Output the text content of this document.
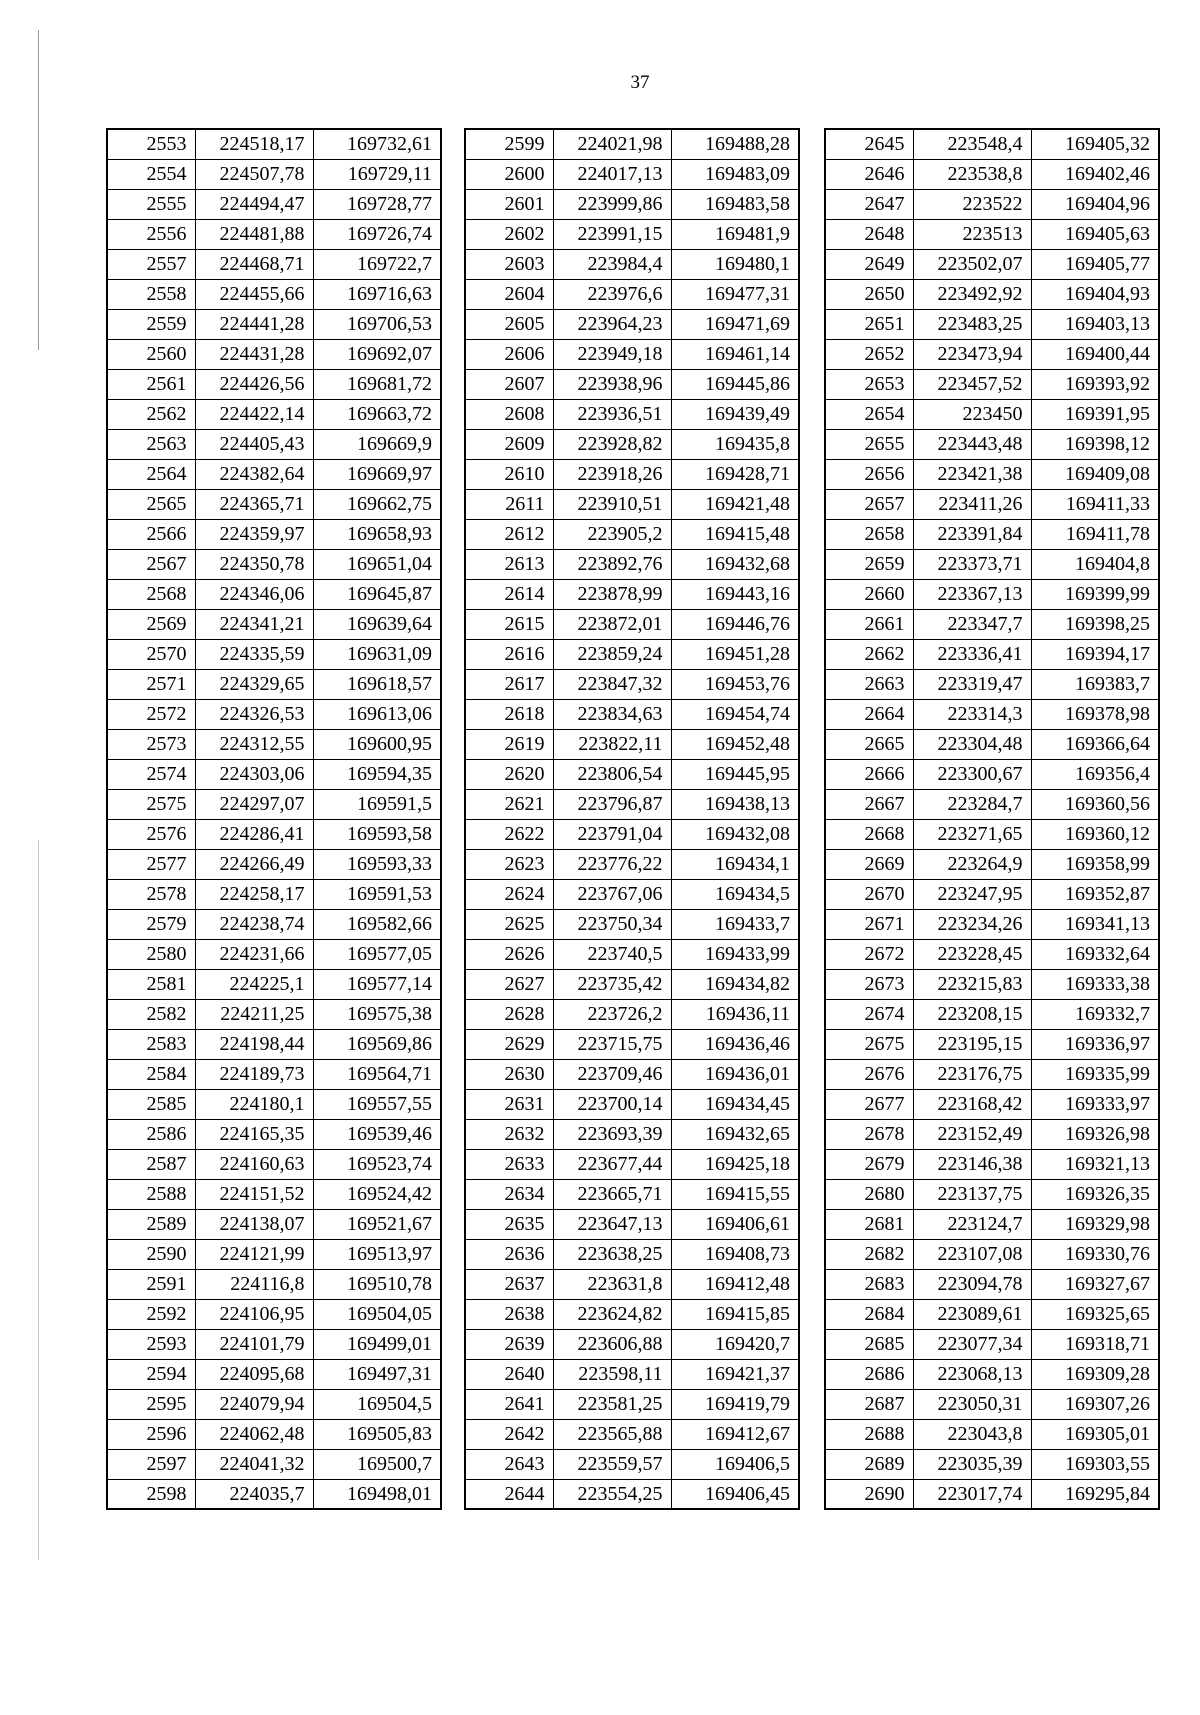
37
2553	224518,17	169732,61
2554	224507,78	169729,11
2555	224494,47	169728,77
2556	224481,88	169726,74
2557	224468,71	169722,7
2558	224455,66	169716,63
2559	224441,28	169706,53
2560	224431,28	169692,07
2561	224426,56	169681,72
2562	224422,14	169663,72
2563	224405,43	169669,9
2564	224382,64	169669,97
2565	224365,71	169662,75
2566	224359,97	169658,93
2567	224350,78	169651,04
2568	224346,06	169645,87
2569	224341,21	169639,64
2570	224335,59	169631,09
2571	224329,65	169618,57
2572	224326,53	169613,06
2573	224312,55	169600,95
2574	224303,06	169594,35
2575	224297,07	169591,5
2576	224286,41	169593,58
2577	224266,49	169593,33
2578	224258,17	169591,53
2579	224238,74	169582,66
2580	224231,66	169577,05
2581	224225,1	169577,14
2582	224211,25	169575,38
2583	224198,44	169569,86
2584	224189,73	169564,71
2585	224180,1	169557,55
2586	224165,35	169539,46
2587	224160,63	169523,74
2588	224151,52	169524,42
2589	224138,07	169521,67
2590	224121,99	169513,97
2591	224116,8	169510,78
2592	224106,95	169504,05
2593	224101,79	169499,01
2594	224095,68	169497,31
2595	224079,94	169504,5
2596	224062,48	169505,83
2597	224041,32	169500,7
2598	224035,7	169498,01
2599	224021,98	169488,28
2600	224017,13	169483,09
2601	223999,86	169483,58
2602	223991,15	169481,9
2603	223984,4	169480,1
2604	223976,6	169477,31
2605	223964,23	169471,69
2606	223949,18	169461,14
2607	223938,96	169445,86
2608	223936,51	169439,49
2609	223928,82	169435,8
2610	223918,26	169428,71
2611	223910,51	169421,48
2612	223905,2	169415,48
2613	223892,76	169432,68
2614	223878,99	169443,16
2615	223872,01	169446,76
2616	223859,24	169451,28
2617	223847,32	169453,76
2618	223834,63	169454,74
2619	223822,11	169452,48
2620	223806,54	169445,95
2621	223796,87	169438,13
2622	223791,04	169432,08
2623	223776,22	169434,1
2624	223767,06	169434,5
2625	223750,34	169433,7
2626	223740,5	169433,99
2627	223735,42	169434,82
2628	223726,2	169436,11
2629	223715,75	169436,46
2630	223709,46	169436,01
2631	223700,14	169434,45
2632	223693,39	169432,65
2633	223677,44	169425,18
2634	223665,71	169415,55
2635	223647,13	169406,61
2636	223638,25	169408,73
2637	223631,8	169412,48
2638	223624,82	169415,85
2639	223606,88	169420,7
2640	223598,11	169421,37
2641	223581,25	169419,79
2642	223565,88	169412,67
2643	223559,57	169406,5
2644	223554,25	169406,45
2645	223548,4	169405,32
2646	223538,8	169402,46
2647	223522	169404,96
2648	223513	169405,63
2649	223502,07	169405,77
2650	223492,92	169404,93
2651	223483,25	169403,13
2652	223473,94	169400,44
2653	223457,52	169393,92
2654	223450	169391,95
2655	223443,48	169398,12
2656	223421,38	169409,08
2657	223411,26	169411,33
2658	223391,84	169411,78
2659	223373,71	169404,8
2660	223367,13	169399,99
2661	223347,7	169398,25
2662	223336,41	169394,17
2663	223319,47	169383,7
2664	223314,3	169378,98
2665	223304,48	169366,64
2666	223300,67	169356,4
2667	223284,7	169360,56
2668	223271,65	169360,12
2669	223264,9	169358,99
2670	223247,95	169352,87
2671	223234,26	169341,13
2672	223228,45	169332,64
2673	223215,83	169333,38
2674	223208,15	169332,7
2675	223195,15	169336,97
2676	223176,75	169335,99
2677	223168,42	169333,97
2678	223152,49	169326,98
2679	223146,38	169321,13
2680	223137,75	169326,35
2681	223124,7	169329,98
2682	223107,08	169330,76
2683	223094,78	169327,67
2684	223089,61	169325,65
2685	223077,34	169318,71
2686	223068,13	169309,28
2687	223050,31	169307,26
2688	223043,8	169305,01
2689	223035,39	169303,55
2690	223017,74	169295,84
